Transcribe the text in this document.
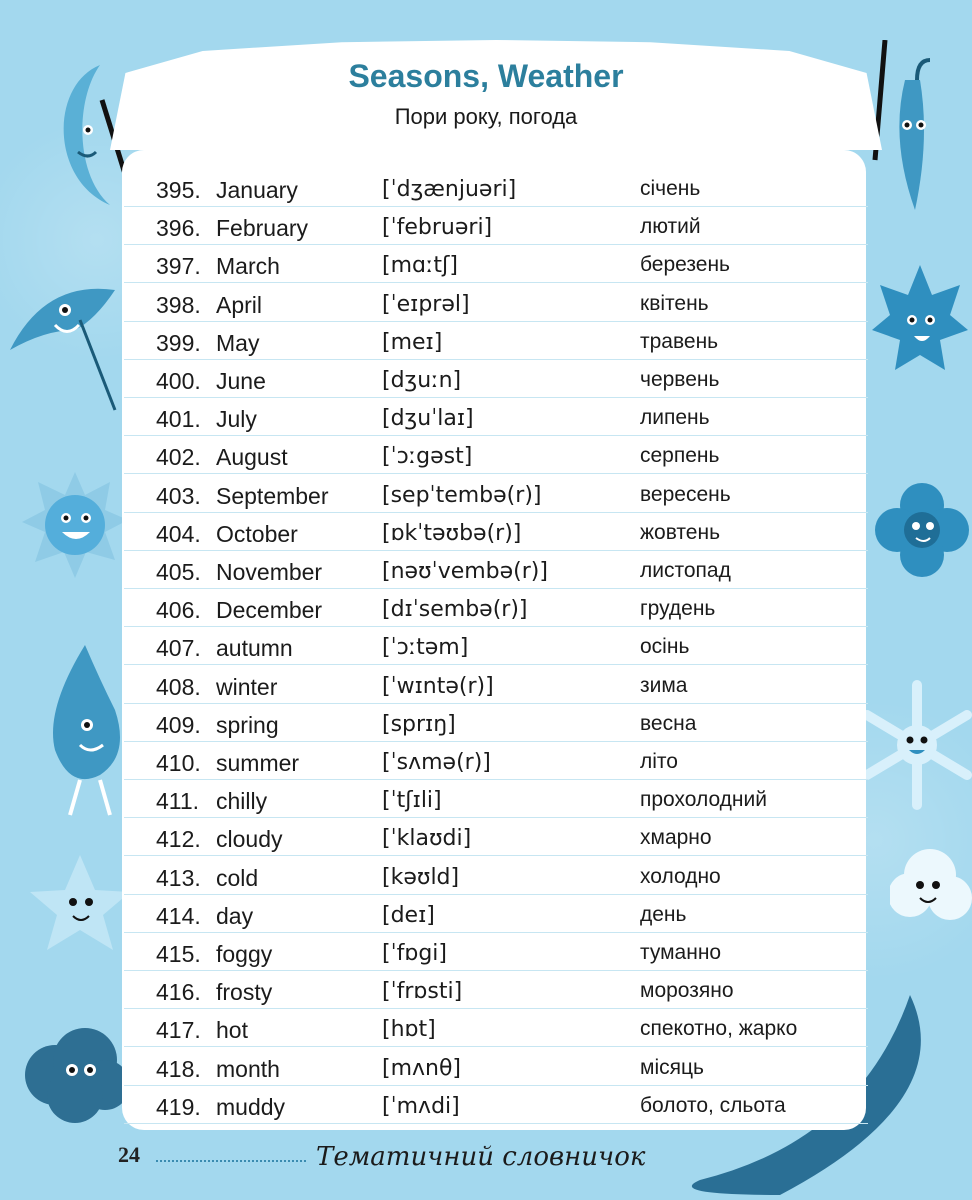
Seasons, Weather
Пори року, погода
395. January	[ˈdʒænjuəri]	січень
396. February	[ˈfebruəri]	лютий
397. March	[mɑːtʃ]	березень
398. April	[ˈeɪprəl]	квітень
399. May	[meɪ]	травень
400. June	[dʒuːn]	червень
401. July	[dʒuˈlaɪ]	липень
402. August	[ˈɔːgəst]	серпень
403. September [sepˈtembə(r)]	вересень
404. October	[ɒkˈtəʊbə(r)]	жовтень
405. November	[nəʊˈvembə(r)]	листопад
406. December	[dɪˈsembə(r)]	грудень
407. autumn	[ˈɔːtəm]	осінь
408. winter	[ˈwɪntə(r)]	зима
409. spring	[sprɪŋ]	весна
410. summer	[ˈsʌmə(r)]	літо
411. chilly	[ˈtʃɪli]	прохолодний
412. cloudy	[ˈklaʊdi]	хмарно
413. cold	[kəʊld]	холодно
414. day	[deɪ]	день
415. foggy	[ˈfɒgi]	туманно
416. frosty	[ˈfrɒsti]	морозяно
417. hot	[hɒt]	спекотно, жарко
418. month	[mʌnθ]	місяць
419. muddy	[ˈmʌdi]	болото, сльота
24	Тематичний словничок
